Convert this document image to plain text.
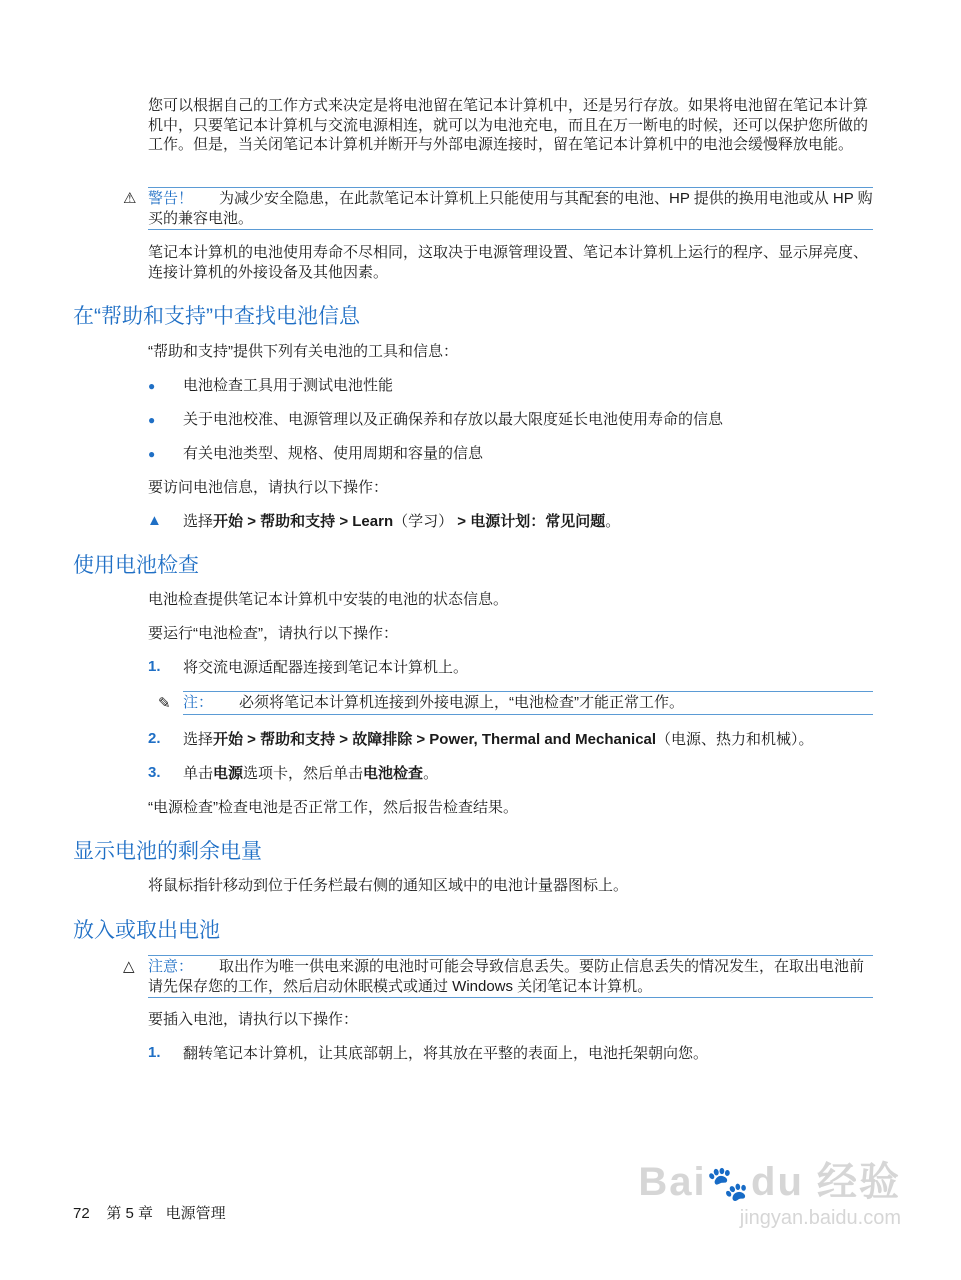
您可以根据自己的工作方式来决定是将电池留在笔记本计算机中，还是另行存放。如果将电池留在笔记本计算机中，只要笔记本计算机与交流电源相连，就可以为电池充电，而且在万一断电的时候，还可以保护您所做的工作。但是，当关闭笔记本计算机并断开与外部电源连接时，留在笔记本计算机中的电池会缓慢释放电能。
⚠ 警告！ 为减少安全隐患，在此款笔记本计算机上只能使用与其配套的电池、HP 提供的换用电池或从 HP 购买的兼容电池。
笔记本计算机的电池使用寿命不尽相同，这取决于电源管理设置、笔记本计算机上运行的程序、显示屏亮度、连接计算机的外接设备及其他因素。
在“帮助和支持”中查找电池信息
“帮助和支持”提供下列有关电池的工具和信息：
● 电池检查工具用于测试电池性能
● 关于电池校准、电源管理以及正确保养和存放以最大限度延长电池使用寿命的信息
● 有关电池类型、规格、使用周期和容量的信息
要访问电池信息，请执行以下操作：
▲ 选择开始 > 帮助和支持 > Learn（学习） > 电源计划：常见问题。
使用电池检查
电池检查提供笔记本计算机中安装的电池的状态信息。
要运行“电池检查”，请执行以下操作：
1. 将交流电源适配器连接到笔记本计算机上。
✎ 注： 必须将笔记本计算机连接到外接电源上，“电池检查”才能正常工作。
2. 选择开始 > 帮助和支持 > 故障排除 > Power, Thermal and Mechanical（电源、热力和机械）。
3. 单击电源选项卡，然后单击电池检查。
“电源检查”检查电池是否正常工作，然后报告检查结果。
显示电池的剩余电量
将鼠标指针移动到位于任务栏最右侧的通知区域中的电池计量器图标上。
放入或取出电池
△ 注意： 取出作为唯一供电来源的电池时可能会导致信息丢失。要防止信息丢失的情况发生，在取出电池前请先保存您的工作，然后启动休眠模式或通过 Windows 关闭笔记本计算机。
要插入电池，请执行以下操作：
1. 翻转笔记本计算机，让其底部朝上，将其放在平整的表面上，电池托架朝向您。
72 第 5 章 电源管理
Bai🐾du 经验
jingyan.baidu.com
